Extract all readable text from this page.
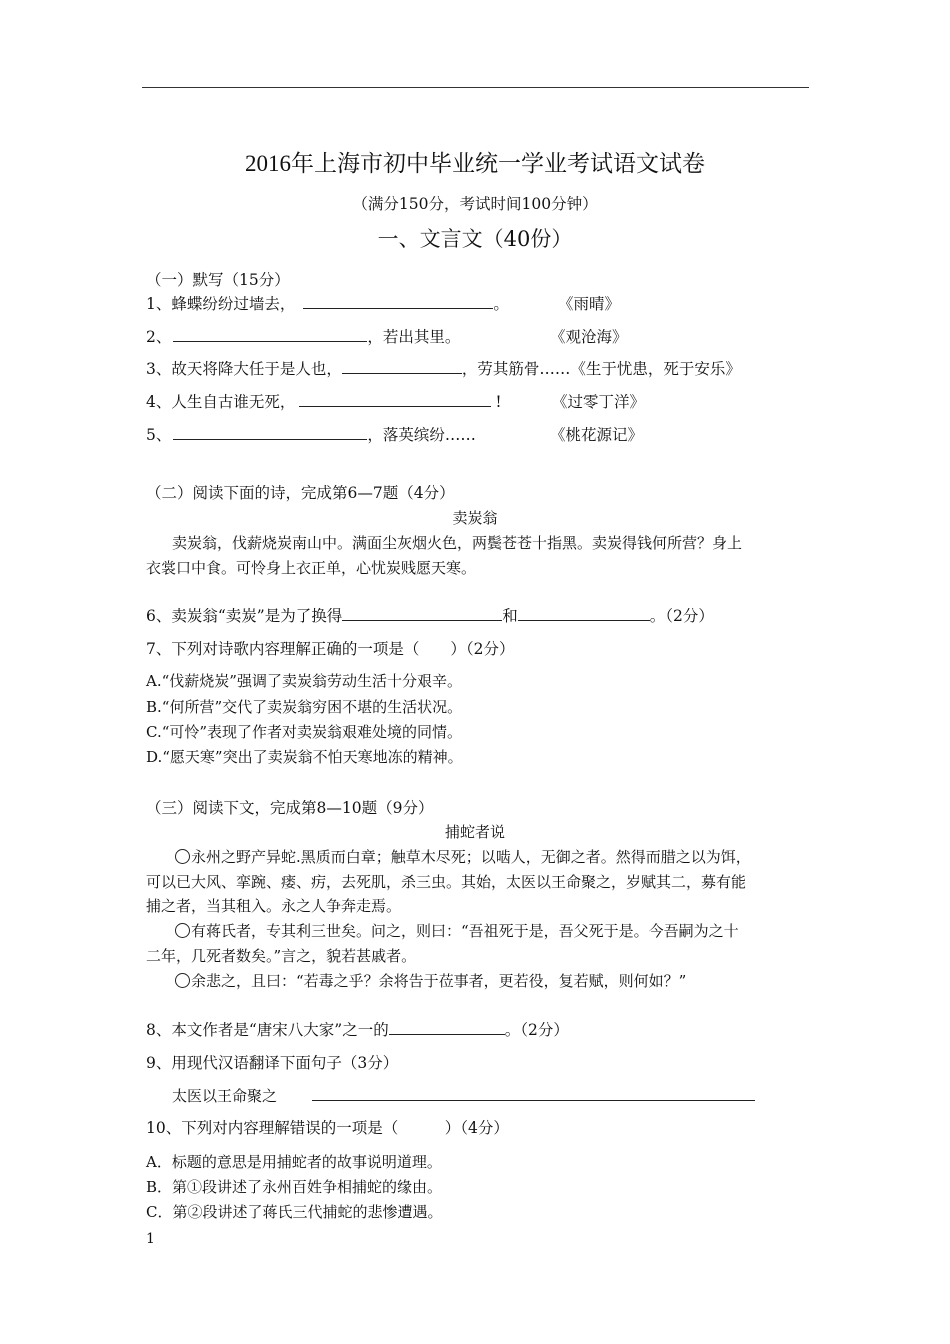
2016年上海市初中毕业统一学业考试语文试卷
（满分150分，考试时间100分钟）
一、文言文（40份）
（一）默写（15分）
1、蜂蝶纷纷过墙去，	。	《雨晴》
2、	，若出其里。	《观沧海》
3、故天将降大任于是人也，	，劳其筋骨……《生于忧患，死于安乐》
4、人生自古谁无死，	!	《过零丁洋》
5、	，落英缤纷……	《桃花源记》
（二）阅读下面的诗，完成第6—7题（4分）
卖炭翁
卖炭翁，伐薪烧炭南山中。满面尘灰烟火色，两鬓苍苍十指黑。卖炭得钱何所营？身上
衣裳口中食。可怜身上衣正单，心忧炭贱愿天寒。
6、卖炭翁“卖炭”是为了换得	和	。（2分）
7、下列对诗歌内容理解正确的一项是（　　）（2分）
A.“伐薪烧炭”强调了卖炭翁劳动生活十分艰辛。
B.“何所营”交代了卖炭翁穷困不堪的生活状况。
C.“可怜”表现了作者对卖炭翁艰难处境的同情。
D.“愿天寒”突出了卖炭翁不怕天寒地冻的精神。
（三）阅读下文，完成第8—10题（9分）
捕蛇者说
永州之野产异蛇.黑质而白章；触草木尽死；以啮人，无御之者。然得而腊之以为饵，
可以已大风、挛踠、瘘、疠，去死肌，杀三虫。其始，太医以王命聚之，岁赋其二，募有能
捕之者，当其租入。永之人争奔走焉。
有蒋氏者，专其利三世矣。问之，则曰：“吾祖死于是，吾父死于是。今吾嗣为之十
二年，几死者数矣。”言之，貌若甚戚者。
余悲之，且曰：“若毒之乎？余将告于莅事者，更若役，复若赋，则何如？”
8、本文作者是“唐宋八大家”之一的	。（2分）
9、用现代汉语翻译下面句子（3分）
太医以王命聚之
10、下列对内容理解错误的一项是（　　　）（4分）
A．标题的意思是用捕蛇者的故事说明道理。
B．第①段讲述了永州百姓争相捕蛇的缘由。
C．第②段讲述了蒋氏三代捕蛇的悲惨遭遇。
1
